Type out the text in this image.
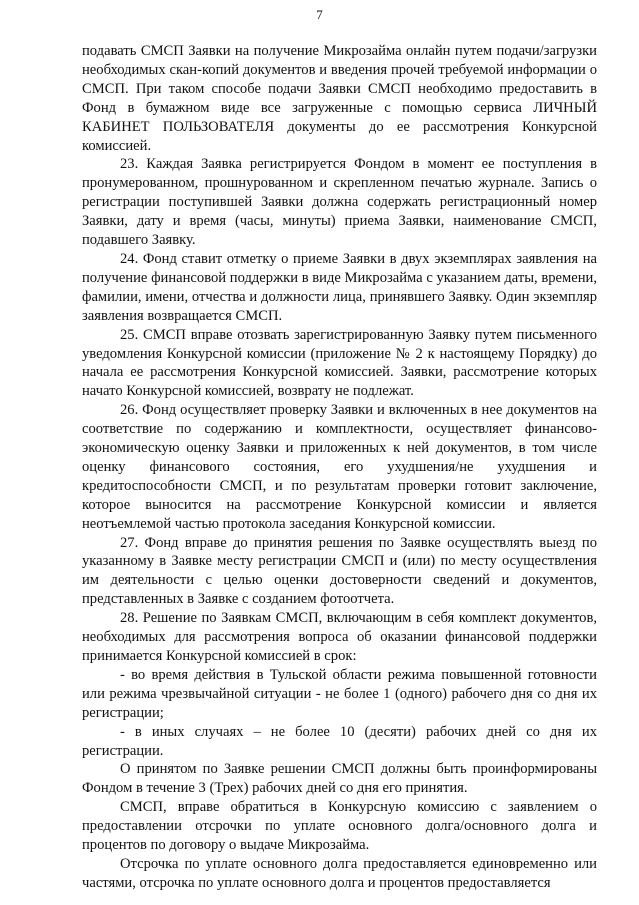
7

подавать СМСП Заявки на получение Микрозайма онлайн путем подачи/загрузки необходимых скан-копий документов и введения прочей требуемой информации о СМСП. При таком способе подачи Заявки СМСП необходимо предоставить в Фонд в бумажном виде все загруженные с помощью сервиса ЛИЧНЫЙ КАБИНЕТ ПОЛЬЗОВАТЕЛЯ документы до ее рассмотрения Конкурсной комиссией.

23. Каждая Заявка регистрируется Фондом в момент ее поступления в пронумерованном, прошнурованном и скрепленном печатью журнале. Запись о регистрации поступившей Заявки должна содержать регистрационный номер Заявки, дату и время (часы, минуты) приема Заявки, наименование СМСП, подавшего Заявку.

24. Фонд ставит отметку о приеме Заявки в двух экземплярах заявления на получение финансовой поддержки в виде Микрозайма с указанием даты, времени, фамилии, имени, отчества и должности лица, принявшего Заявку. Один экземпляр заявления возвращается СМСП.

25. СМСП вправе отозвать зарегистрированную Заявку путем письменного уведомления Конкурсной комиссии (приложение № 2 к настоящему Порядку) до начала ее рассмотрения Конкурсной комиссией. Заявки, рассмотрение которых начато Конкурсной комиссией, возврату не подлежат.

26. Фонд осуществляет проверку Заявки и включенных в нее документов на соответствие по содержанию и комплектности, осуществляет финансово-экономическую оценку Заявки и приложенных к ней документов, в том числе оценку финансового состояния, его ухудшения/не ухудшения и кредитоспособности СМСП, и по результатам проверки готовит заключение, которое выносится на рассмотрение Конкурсной комиссии и является неотъемлемой частью протокола заседания Конкурсной комиссии.

27. Фонд вправе до принятия решения по Заявке осуществлять выезд по указанному в Заявке месту регистрации СМСП и (или) по месту осуществления им деятельности с целью оценки достоверности сведений и документов, представленных в Заявке с созданием фотоотчета.

28. Решение по Заявкам СМСП, включающим в себя комплект документов, необходимых для рассмотрения вопроса об оказании финансовой поддержки принимается Конкурсной комиссией в срок:

- во время действия в Тульской области режима повышенной готовности или режима чрезвычайной ситуации - не более 1 (одного) рабочего дня со дня их регистрации;

- в иных случаях – не более 10 (десяти) рабочих дней со дня их регистрации.

О принятом по Заявке решении СМСП должны быть проинформированы Фондом в течение 3 (Трех) рабочих дней со дня его принятия.

СМСП, вправе обратиться в Конкурсную комиссию с заявлением о предоставлении отсрочки по уплате основного долга/основного долга и процентов по договору о выдаче Микрозайма.

Отсрочка по уплате основного долга предоставляется единовременно или частями, отсрочка по уплате основного долга и процентов предоставляется
